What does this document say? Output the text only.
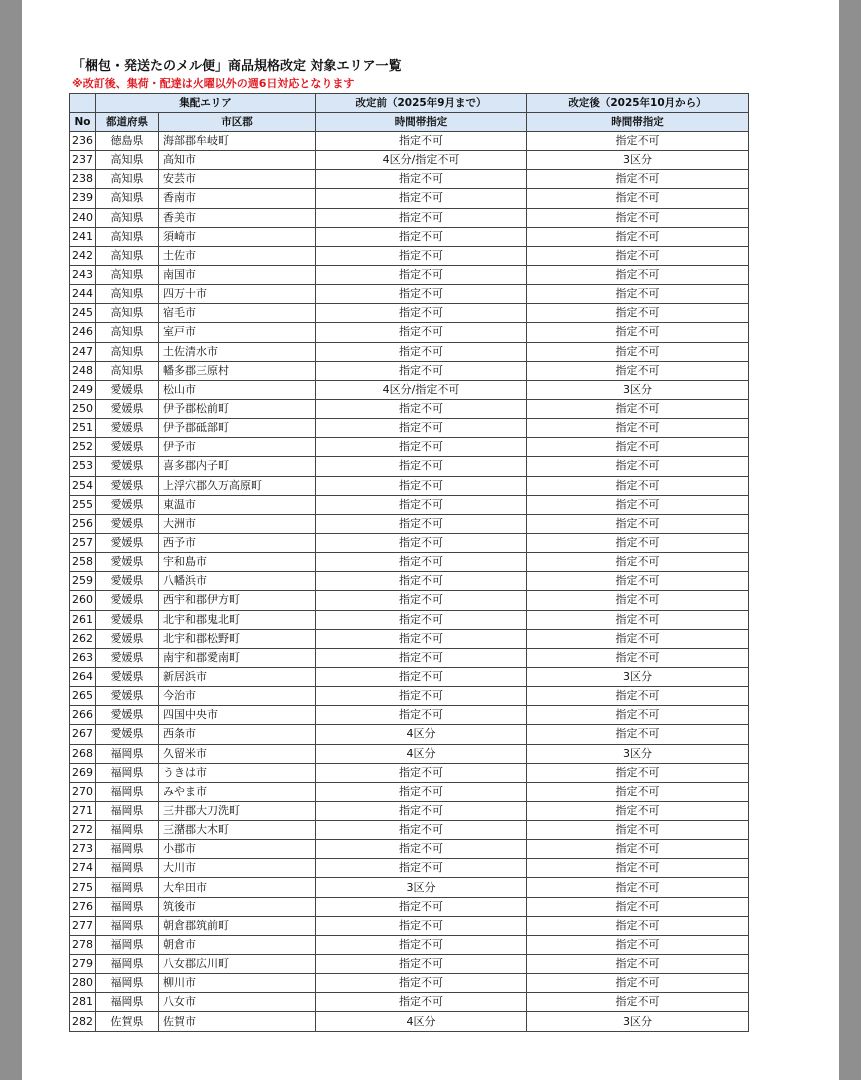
「梱包・発送たのメル便」商品規格改定 対象エリア一覧
※改訂後、集荷・配達は火曜以外の週6日対応となります
	集配エリア		改定前（2025年9月まで）	改定後（2025年10月から）
No	都道府県	市区郡	時間帯指定	時間帯指定
236	徳島県	海部郡牟岐町	指定不可	指定不可
237	高知県	高知市	4区分/指定不可	3区分
238	高知県	安芸市	指定不可	指定不可
239	高知県	香南市	指定不可	指定不可
240	高知県	香美市	指定不可	指定不可
241	高知県	須崎市	指定不可	指定不可
242	高知県	土佐市	指定不可	指定不可
243	高知県	南国市	指定不可	指定不可
244	高知県	四万十市	指定不可	指定不可
245	高知県	宿毛市	指定不可	指定不可
246	高知県	室戸市	指定不可	指定不可
247	高知県	土佐清水市	指定不可	指定不可
248	高知県	幡多郡三原村	指定不可	指定不可
249	愛媛県	松山市	4区分/指定不可	3区分
250	愛媛県	伊予郡松前町	指定不可	指定不可
251	愛媛県	伊予郡砥部町	指定不可	指定不可
252	愛媛県	伊予市	指定不可	指定不可
253	愛媛県	喜多郡内子町	指定不可	指定不可
254	愛媛県	上浮穴郡久万高原町	指定不可	指定不可
255	愛媛県	東温市	指定不可	指定不可
256	愛媛県	大洲市	指定不可	指定不可
257	愛媛県	西予市	指定不可	指定不可
258	愛媛県	宇和島市	指定不可	指定不可
259	愛媛県	八幡浜市	指定不可	指定不可
260	愛媛県	西宇和郡伊方町	指定不可	指定不可
261	愛媛県	北宇和郡鬼北町	指定不可	指定不可
262	愛媛県	北宇和郡松野町	指定不可	指定不可
263	愛媛県	南宇和郡愛南町	指定不可	指定不可
264	愛媛県	新居浜市	指定不可	3区分
265	愛媛県	今治市	指定不可	指定不可
266	愛媛県	四国中央市	指定不可	指定不可
267	愛媛県	西条市	4区分	指定不可
268	福岡県	久留米市	4区分	3区分
269	福岡県	うきは市	指定不可	指定不可
270	福岡県	みやま市	指定不可	指定不可
271	福岡県	三井郡大刀洗町	指定不可	指定不可
272	福岡県	三潴郡大木町	指定不可	指定不可
273	福岡県	小郡市	指定不可	指定不可
274	福岡県	大川市	指定不可	指定不可
275	福岡県	大牟田市	3区分	指定不可
276	福岡県	筑後市	指定不可	指定不可
277	福岡県	朝倉郡筑前町	指定不可	指定不可
278	福岡県	朝倉市	指定不可	指定不可
279	福岡県	八女郡広川町	指定不可	指定不可
280	福岡県	柳川市	指定不可	指定不可
281	福岡県	八女市	指定不可	指定不可
282	佐賀県	佐賀市	4区分	3区分
